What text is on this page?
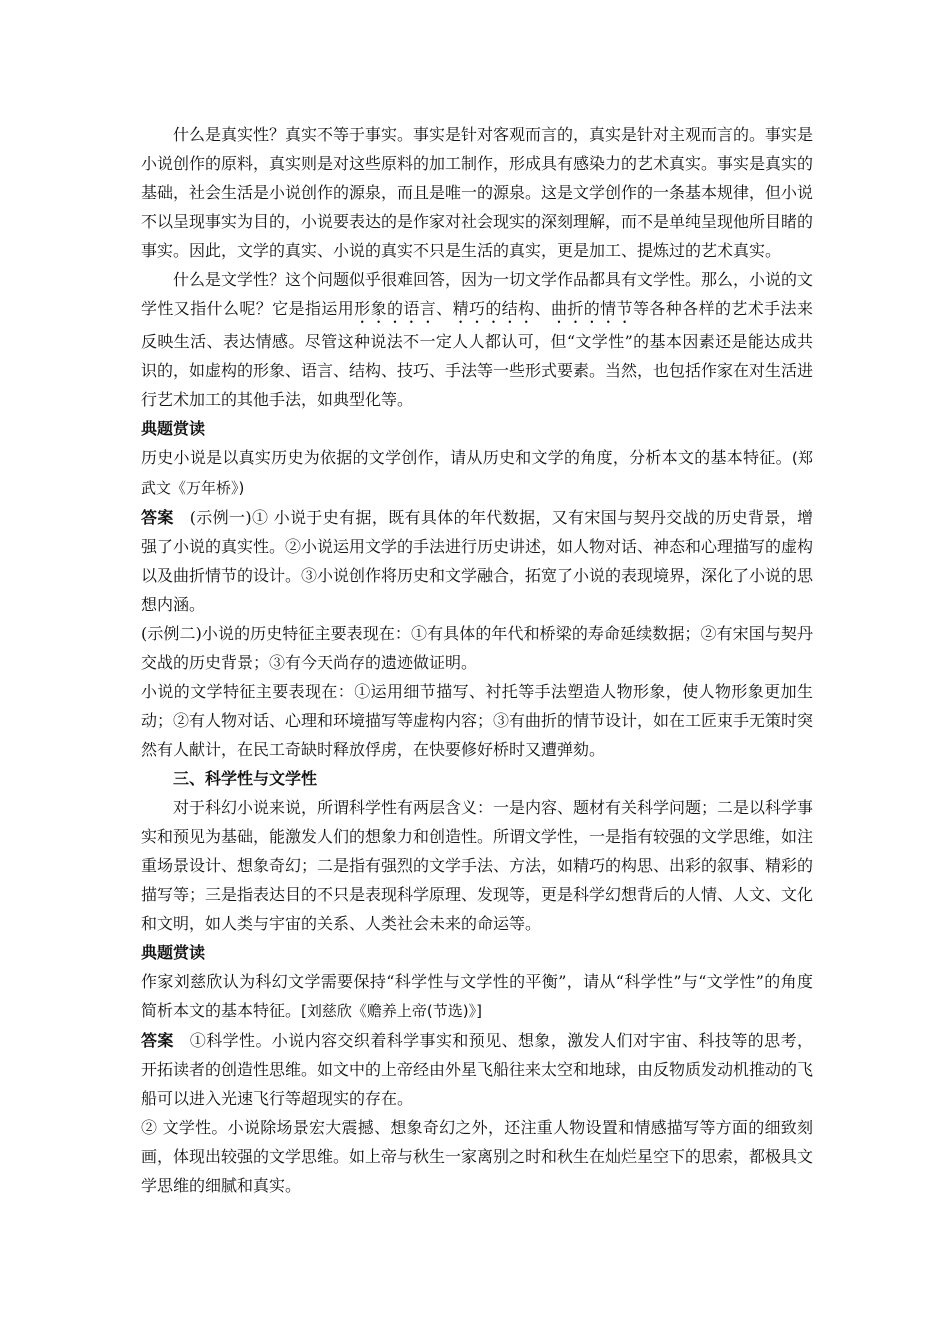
什么是真实性？真实不等于事实。事实是针对客观而言的，真实是针对主观而言的。事实是小说创作的原料，真实则是对这些原料的加工制作，形成具有感染力的艺术真实。事实是真实的基础，社会生活是小说创作的源泉，而且是唯一的源泉。这是文学创作的一条基本规律，但小说不以呈现事实为目的，小说要表达的是作家对社会现实的深刻理解，而不是单纯呈现他所目睹的事实。因此，文学的真实、小说的真实不只是生活的真实，更是加工、提炼过的艺术真实。

什么是文学性？这个问题似乎很难回答，因为一切文学作品都具有文学性。那么，小说的文学性又指什么呢？它是指运用形象的语言、精巧的结构、曲折的情节等各种各样的艺术手法来反映生活、表达情感。尽管这种说法不一定人人都认可，但“文学性”的基本因素还是能达成共识的，如虚构的形象、语言、结构、技巧、手法等一些形式要素。当然，也包括作家在对生活进行艺术加工的其他手法，如典型化等。

典题赏读

历史小说是以真实历史为依据的文学创作，请从历史和文学的角度，分析本文的基本特征。(郑武文《万年桥》)

答案 (示例一)① 小说于史有据，既有具体的年代数据，又有宋国与契丹交战的历史背景，增强了小说的真实性。②小说运用文学的手法进行历史讲述，如人物对话、神态和心理描写的虚构以及曲折情节的设计。③小说创作将历史和文学融合，拓宽了小说的表现境界，深化了小说的思想内涵。

(示例二)小说的历史特征主要表现在：①有具体的年代和桥梁的寿命延续数据；②有宋国与契丹交战的历史背景；③有今天尚存的遗迹做证明。

小说的文学特征主要表现在：①运用细节描写、衬托等手法塑造人物形象，使人物形象更加生动；②有人物对话、心理和环境描写等虚构内容；③有曲折的情节设计，如在工匠束手无策时突然有人献计，在民工奇缺时释放俘虏，在快要修好桥时又遭弹劾。

三、科学性与文学性

对于科幻小说来说，所谓科学性有两层含义：一是内容、题材有关科学问题；二是以科学事实和预见为基础，能激发人们的想象力和创造性。所谓文学性，一是指有较强的文学思维，如注重场景设计、想象奇幻；二是指有强烈的文学手法、方法，如精巧的构思、出彩的叙事、精彩的描写等；三是指表达目的不只是表现科学原理、发现等，更是科学幻想背后的人情、人文、文化和文明，如人类与宇宙的关系、人类社会未来的命运等。

典题赏读

作家刘慈欣认为科幻文学需要保持“科学性与文学性的平衡”，请从“科学性”与“文学性”的角度简析本文的基本特征。[刘慈欣《赡养上帝(节选)》]

答案 ①科学性。小说内容交织着科学事实和预见、想象，激发人们对宇宙、科技等的思考，开拓读者的创造性思维。如文中的上帝经由外星飞船往来太空和地球，由反物质发动机推动的飞船可以进入光速飞行等超现实的存在。

② 文学性。小说除场景宏大震撼、想象奇幻之外，还注重人物设置和情感描写等方面的细致刻画，体现出较强的文学思维。如上帝与秋生一家离别之时和秋生在灿烂星空下的思索，都极具文学思维的细腻和真实。
